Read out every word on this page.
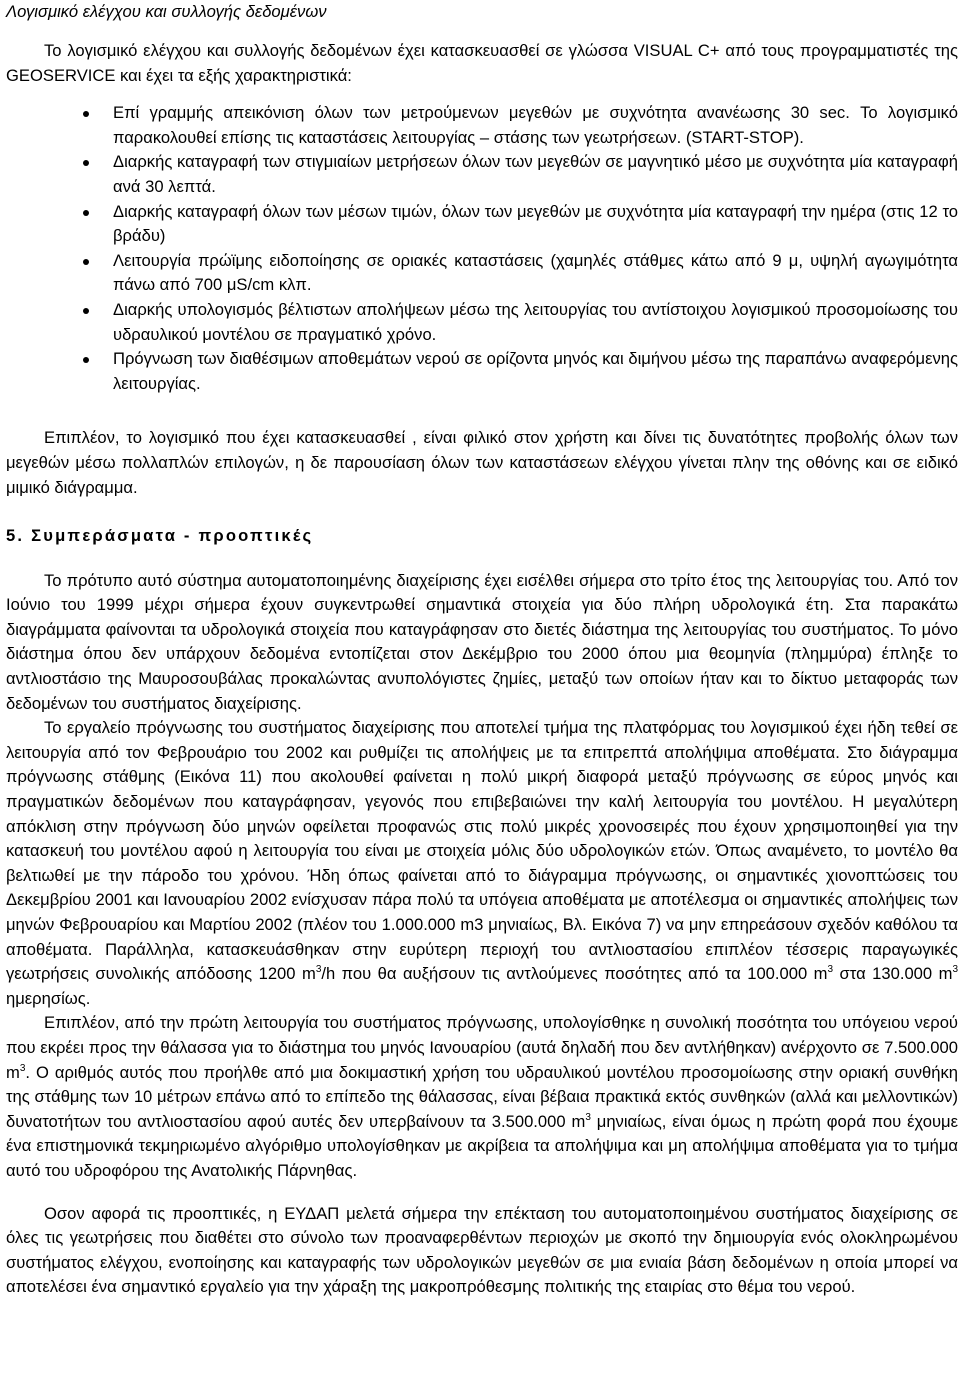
Λογισμικό ελέγχου και συλλογής δεδομένων

Το λογισμικό ελέγχου και συλλογής δεδομένων έχει κατασκευασθεί σε γλώσσα VISUAL C+ από τους προγραμματιστές της GEOSERVICE και έχει τα εξής χαρακτηριστικά:

Επί γραμμής απεικόνιση όλων των μετρούμενων μεγεθών με συχνότητα ανανέωσης 30 sec. Το λογισμικό παρακολουθεί επίσης τις καταστάσεις λειτουργίας – στάσης των γεωτρήσεων. (START-STOP).
Διαρκής καταγραφή των στιγμιαίων μετρήσεων όλων των μεγεθών σε μαγνητικό μέσο με συχνότητα μία καταγραφή ανά 30 λεπτά.
Διαρκής καταγραφή όλων των μέσων τιμών, όλων των μεγεθών με συχνότητα μία καταγραφή την ημέρα (στις 12 το βράδυ)
Λειτουργία πρώϊμης ειδοποίησης σε οριακές καταστάσεις (χαμηλές στάθμες κάτω από 9 μ, υψηλή αγωγιμότητα πάνω από 700 μS/cm κλπ.
Διαρκής υπολογισμός βέλτιστων απολήψεων μέσω της λειτουργίας του αντίστοιχου λογισμικού προσομοίωσης του υδραυλικού μοντέλου σε πραγματικό χρόνο.
Πρόγνωση των διαθέσιμων αποθεμάτων νερού σε ορίζοντα μηνός και διμήνου μέσω της παραπάνω αναφερόμενης λειτουργίας.

Επιπλέον, το λογισμικό που έχει κατασκευασθεί , είναι φιλικό στον χρήστη και δίνει τις δυνατότητες προβολής όλων των μεγεθών μέσω πολλαπλών επιλογών, η δε παρουσίαση όλων των καταστάσεων ελέγχου γίνεται πλην της οθόνης και σε ειδικό μιμικό διάγραμμα.

5. Συμπεράσματα - προοπτικές

Το πρότυπο αυτό σύστημα αυτοματοποιημένης διαχείρισης έχει εισέλθει σήμερα στο τρίτο έτος της λειτουργίας του. Από τον Ιούνιο του 1999 μέχρι σήμερα έχουν συγκεντρωθεί σημαντικά στοιχεία για δύο πλήρη υδρολογικά έτη. Στα παρακάτω διαγράμματα φαίνονται τα υδρολογικά στοιχεία που καταγράφησαν στο διετές διάστημα της λειτουργίας του συστήματος. Το μόνο διάστημα όπου δεν υπάρχουν δεδομένα εντοπίζεται στον Δεκέμβριο του 2000 όπου μια θεομηνία (πλημμύρα) έπληξε το αντλιοστάσιο της Μαυροσουβάλας προκαλώντας ανυπολόγιστες ζημίες, μεταξύ των οποίων ήταν και το δίκτυο μεταφοράς των δεδομένων του συστήματος διαχείρισης.

Το εργαλείο πρόγνωσης του συστήματος διαχείρισης που αποτελεί τμήμα της πλατφόρμας του λογισμικού έχει ήδη τεθεί σε λειτουργία από τον Φεβρουάριο του 2002 και ρυθμίζει τις απολήψεις με τα επιτρεπτά απολήψιμα αποθέματα. Στο διάγραμμα πρόγνωσης στάθμης (Εικόνα 11) που ακολουθεί φαίνεται η πολύ μικρή διαφορά μεταξύ πρόγνωσης σε εύρος μηνός και πραγματικών δεδομένων που καταγράφησαν, γεγονός που επιβεβαιώνει την καλή λειτουργία του μοντέλου. Η μεγαλύτερη απόκλιση στην πρόγνωση δύο μηνών οφείλεται προφανώς στις πολύ μικρές χρονοσειρές που έχουν χρησιμοποιηθεί για την κατασκευή του μοντέλου αφού η λειτουργία του είναι με στοιχεία μόλις δύο υδρολογικών ετών. Όπως αναμένετο, το μοντέλο θα βελτιωθεί με την πάροδο του χρόνου. Ήδη όπως φαίνεται από το διάγραμμα πρόγνωσης, οι σημαντικές χιονοπτώσεις του Δεκεμβρίου 2001 και Ιανουαρίου 2002 ενίσχυσαν πάρα πολύ τα υπόγεια αποθέματα με αποτέλεσμα οι σημαντικές απολήψεις των μηνών Φεβρουαρίου και Μαρτίου 2002 (πλέον του 1.000.000 m3 μηνιαίως, Βλ. Εικόνα 7) να μην επηρεάσουν σχεδόν καθόλου τα αποθέματα. Παράλληλα, κατασκευάσθηκαν στην ευρύτερη περιοχή του αντλιοστασίου επιπλέον τέσσερις παραγωγικές γεωτρήσεις συνολικής απόδοσης 1200 $m^3/h$ που θα αυξήσουν τις αντλούμενες ποσότητες από τα 100.000 $m^3$ στα 130.000 $m^3$ ημερησίως.

Επιπλέον, από την πρώτη λειτουργία του συστήματος πρόγνωσης, υπολογίσθηκε η συνολική ποσότητα του υπόγειου νερού που εκρέει προς την θάλασσα για το διάστημα του μηνός Ιανουαρίου (αυτά δηλαδή που δεν αντλήθηκαν) ανέρχοντο σε 7.500.000 $m^3$. Ο αριθμός αυτός που προήλθε από μια δοκιμαστική χρήση του υδραυλικού μοντέλου προσομοίωσης στην οριακή συνθήκη της στάθμης των 10 μέτρων επάνω από το επίπεδο της θάλασσας, είναι βέβαια πρακτικά εκτός συνθηκών (αλλά και μελλοντικών) δυνατοτήτων του αντλιοστασίου αφού αυτές δεν υπερβαίνουν τα 3.500.000 $m^3$ μηνιαίως, είναι όμως η πρώτη φορά που έχουμε ένα επιστημονικά τεκμηριωμένο αλγόριθμο υπολογίσθηκαν με ακρίβεια τα απολήψιμα και μη απολήψιμα αποθέματα για το τμήμα αυτό του υδροφόρου της Ανατολικής Πάρνηθας.

Οσον αφορά τις προοπτικές, η ΕΥΔΑΠ μελετά σήμερα την επέκταση του αυτοματοποιημένου συστήματος διαχείρισης σε όλες τις γεωτρήσεις που διαθέτει στο σύνολο των προαναφερθέντων περιοχών με σκοπό την δημιουργία ενός ολοκληρωμένου συστήματος ελέγχου, ενοποίησης και καταγραφής των υδρολογικών μεγεθών σε μια ενιαία βάση δεδομένων η οποία μπορεί να αποτελέσει ένα σημαντικό εργαλείο για την χάραξη της μακροπρόθεσμης πολιτικής της εταιρίας στο θέμα του νερού.
